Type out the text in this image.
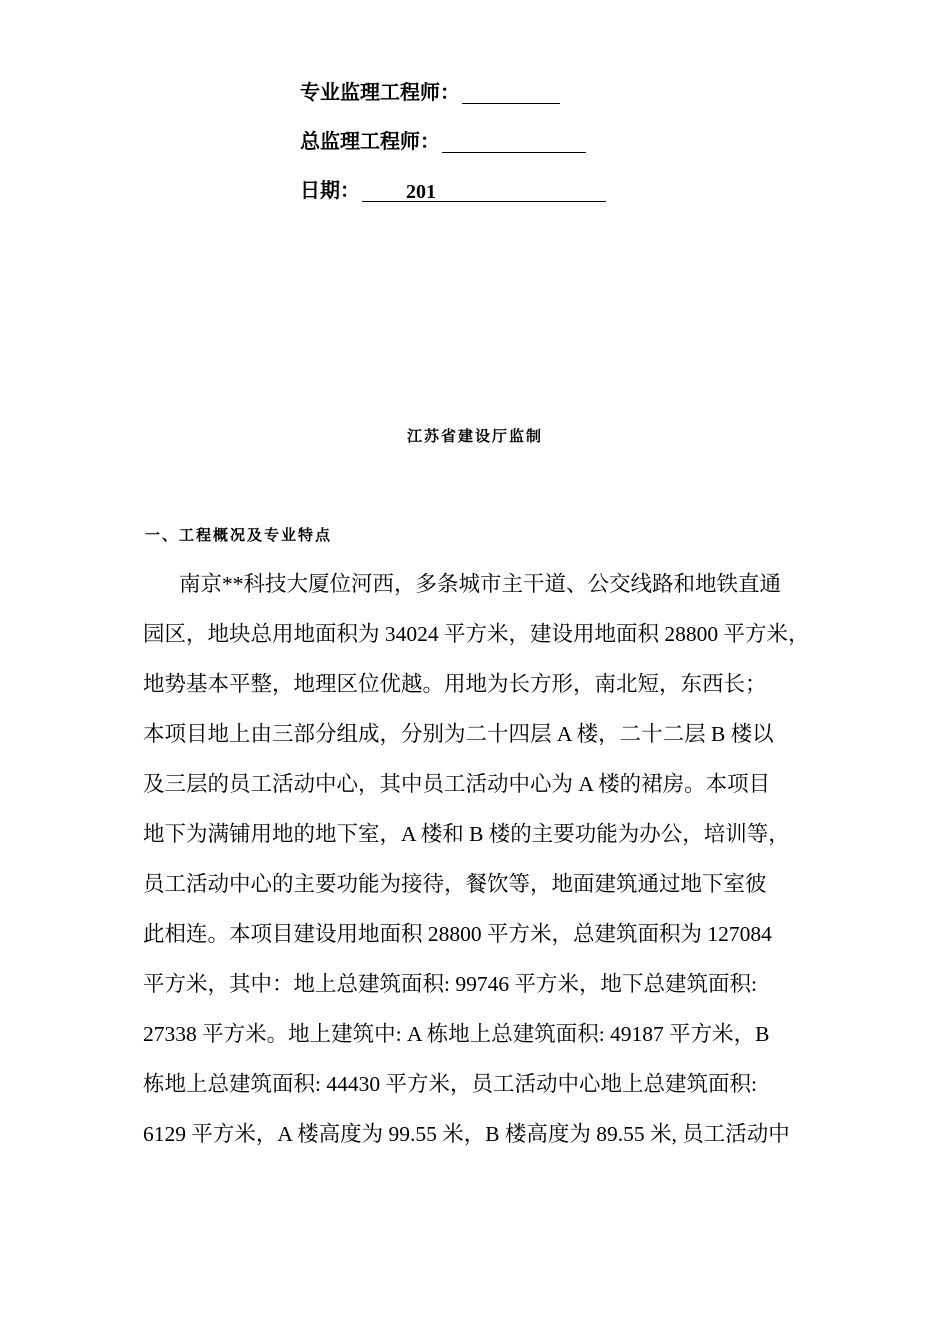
专业监理工程师：
总监理工程师：
日期： 201
江苏省建设厅监制
一、工程概况及专业特点
南京**科技大厦位河西，多条城市主干道、公交线路和地铁直通
园区，地块总用地面积为 34024 平方米，建设用地面积 28800 平方米，
地势基本平整，地理区位优越。用地为长方形，南北短，东西长；
本项目地上由三部分组成，分别为二十四层 A 楼，二十二层 B 楼以
及三层的员工活动中心，其中员工活动中心为 A 楼的裙房。本项目
地下为满铺用地的地下室，A 楼和 B 楼的主要功能为办公，培训等，
员工活动中心的主要功能为接待，餐饮等，地面建筑通过地下室彼
此相连。本项目建设用地面积 28800 平方米，总建筑面积为 127084
平方米，其中：地上总建筑面积: 99746 平方米，地下总建筑面积:
27338 平方米。地上建筑中: A 栋地上总建筑面积: 49187 平方米，B
栋地上总建筑面积: 44430 平方米，员工活动中心地上总建筑面积:
6129 平方米，A 楼高度为 99.55 米，B 楼高度为 89.55 米, 员工活动中
